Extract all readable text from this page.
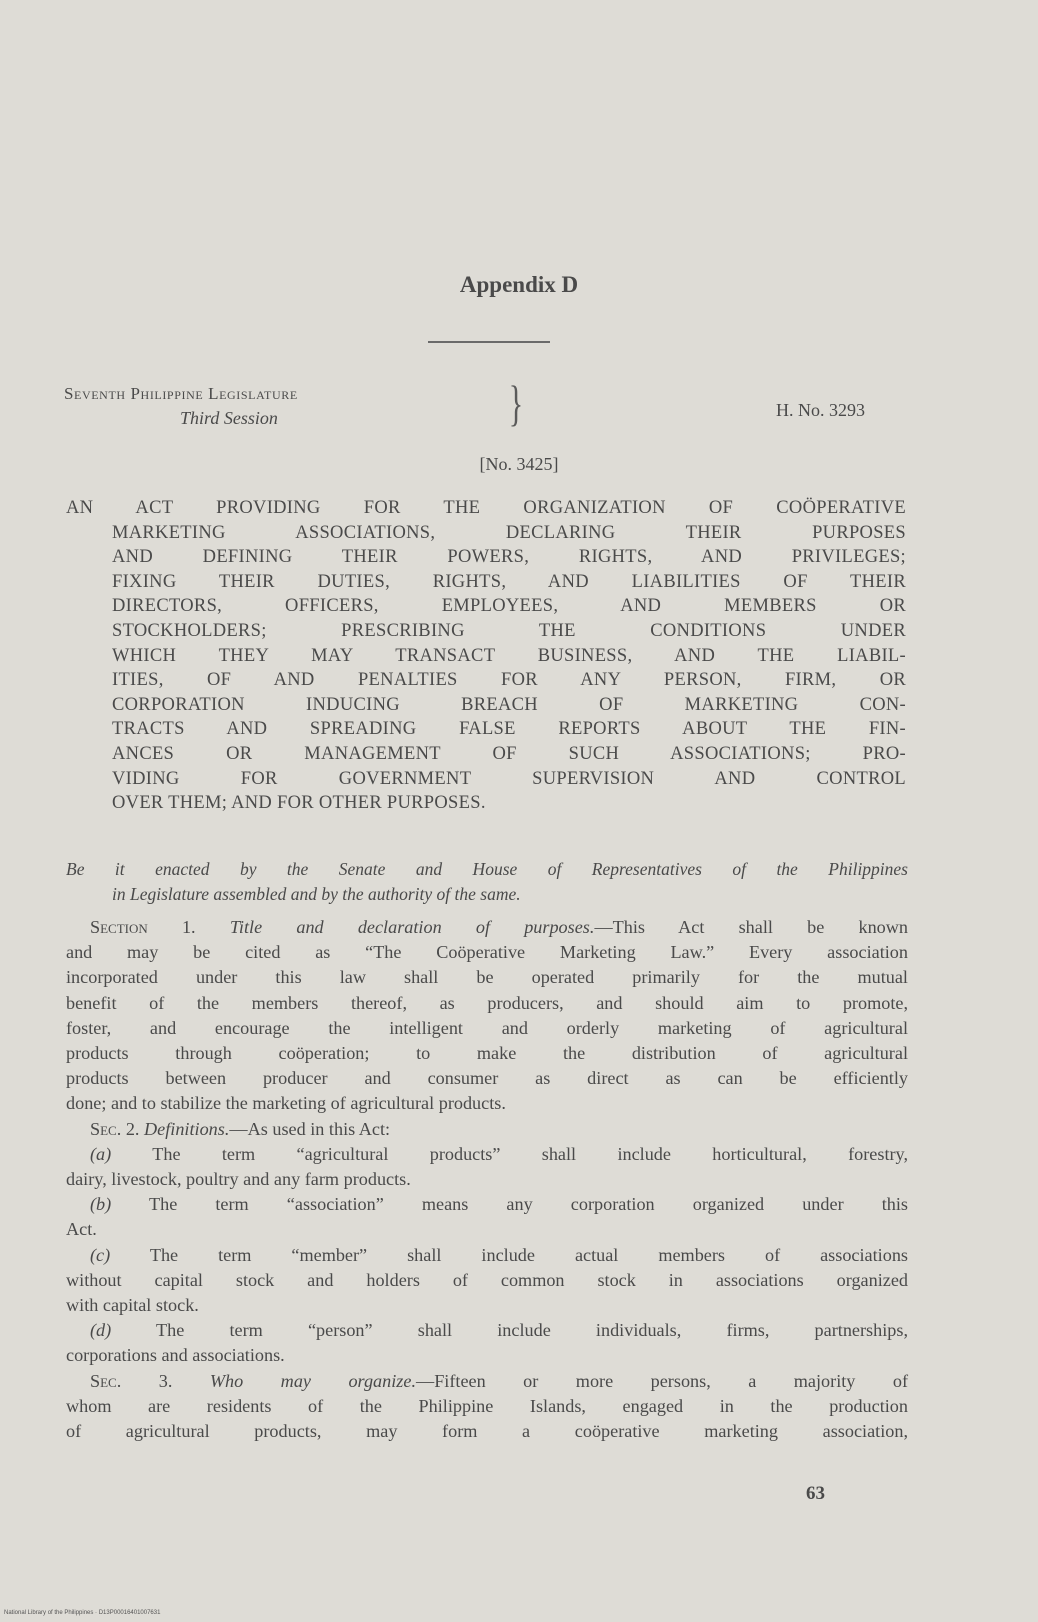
Appendix D
Seventh Philippine Legislature
Third Session	}	H. No. 3293
[No. 3425]
AN ACT PROVIDING FOR THE ORGANIZATION OF COÖPERATIVE
MARKETING ASSOCIATIONS, DECLARING THEIR PURPOSES
AND DEFINING THEIR POWERS, RIGHTS, AND PRIVILEGES;
FIXING THEIR DUTIES, RIGHTS, AND LIABILITIES OF THEIR
DIRECTORS, OFFICERS, EMPLOYEES, AND MEMBERS OR
STOCKHOLDERS; PRESCRIBING THE CONDITIONS UNDER
WHICH THEY MAY TRANSACT BUSINESS, AND THE LIABIL-
ITIES, OF AND PENALTIES FOR ANY PERSON, FIRM, OR
CORPORATION INDUCING BREACH OF MARKETING CON-
TRACTS AND SPREADING FALSE REPORTS ABOUT THE FIN-
ANCES OR MANAGEMENT OF SUCH ASSOCIATIONS; PRO-
VIDING FOR GOVERNMENT SUPERVISION AND CONTROL
OVER THEM; AND FOR OTHER PURPOSES.
Be it enacted by the Senate and House of Representatives of the Philippines
in Legislature assembled and by the authority of the same.
Section 1. Title and declaration of purposes.—This Act shall be known
and may be cited as “The Coöperative Marketing Law.” Every association
incorporated under this law shall be operated primarily for the mutual
benefit of the members thereof, as producers, and should aim to promote,
foster, and encourage the intelligent and orderly marketing of agricultural
products through coöperation; to make the distribution of agricultural
products between producer and consumer as direct as can be efficiently
done; and to stabilize the marketing of agricultural products.
Sec. 2. Definitions.—As used in this Act:
(a) The term “agricultural products” shall include horticultural, forestry,
dairy, livestock, poultry and any farm products.
(b) The term “association” means any corporation organized under this
Act.
(c) The term “member” shall include actual members of associations
without capital stock and holders of common stock in associations organized
with capital stock.
(d) The term “person” shall include individuals, firms, partnerships,
corporations and associations.
Sec. 3. Who may organize.—Fifteen or more persons, a majority of
whom are residents of the Philippine Islands, engaged in the production
of agricultural products, may form a coöperative marketing association,
63
National Library of the Philippines · D13P00016401007631
